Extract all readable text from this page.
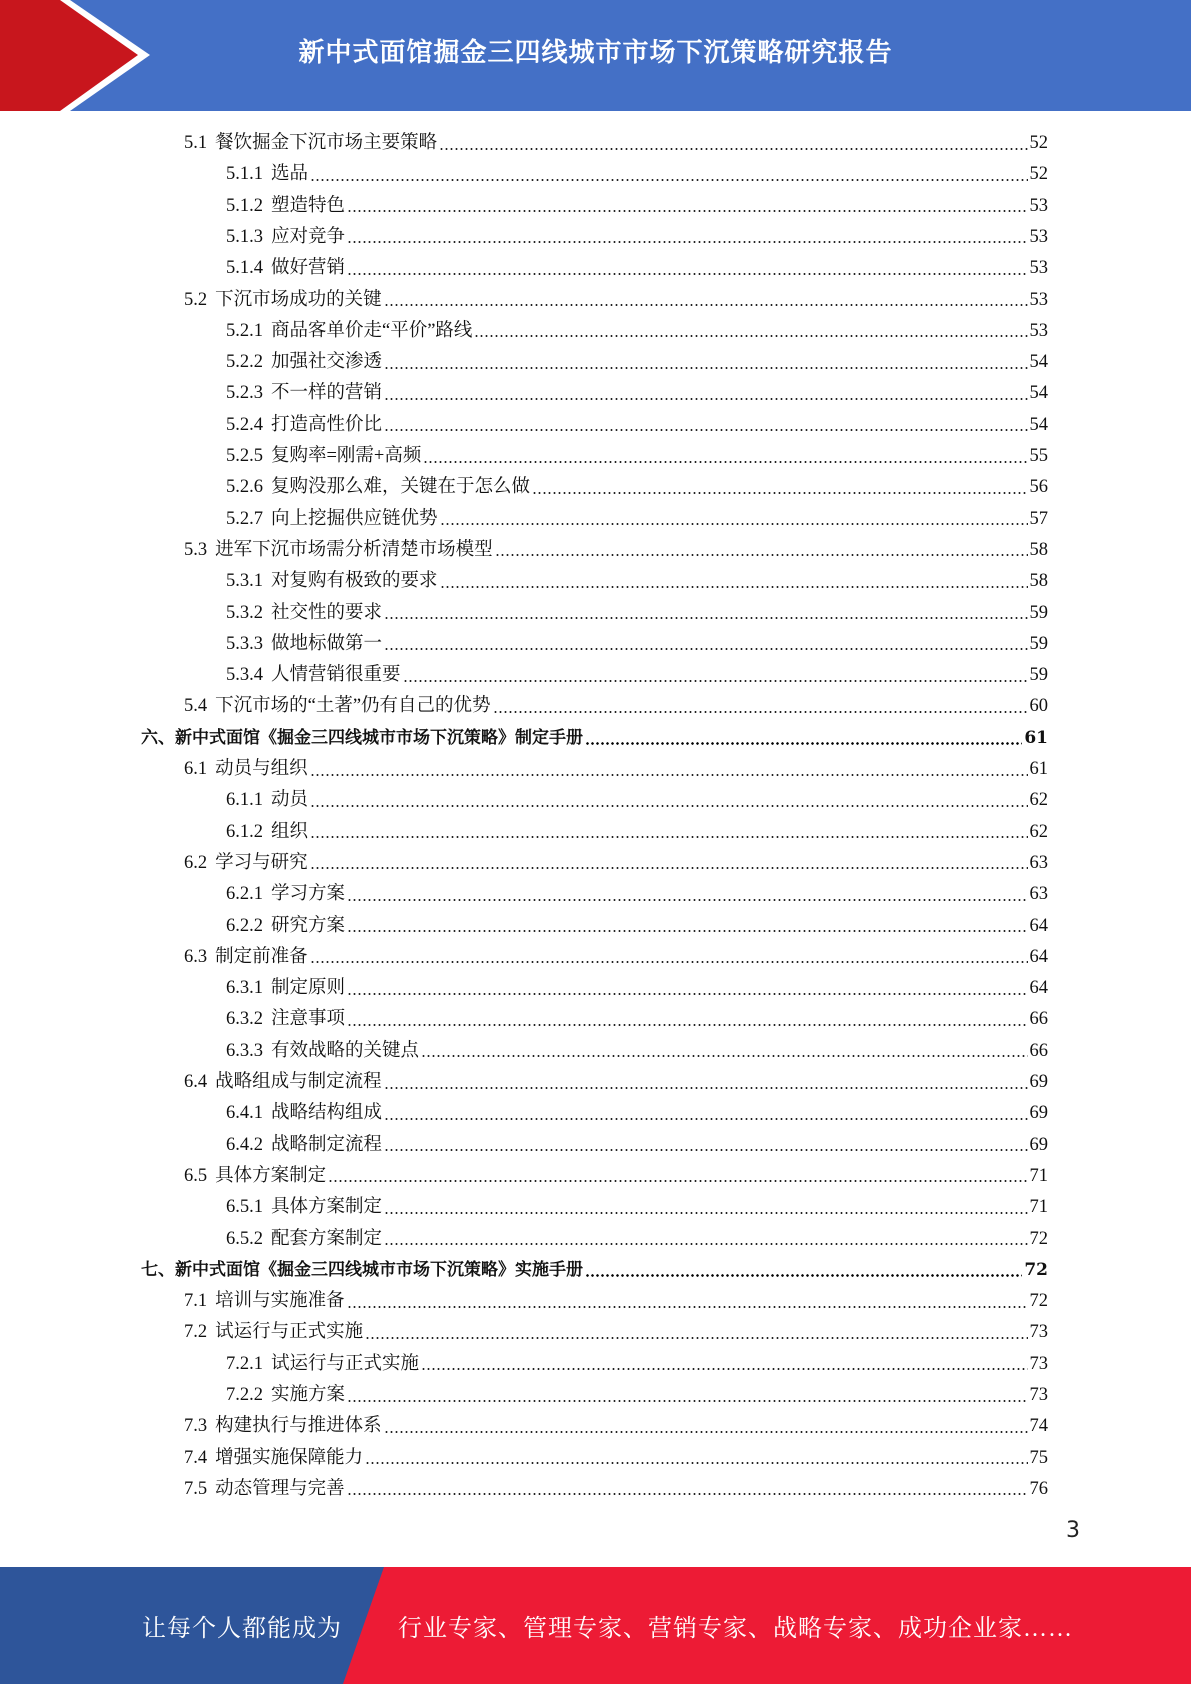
新中式面馆掘金三四线城市市场下沉策略研究报告
5.1 餐饮掘金下沉市场主要策略	52
5.1.1 选品	52
5.1.2 塑造特色	53
5.1.3 应对竞争	53
5.1.4 做好营销	53
5.2 下沉市场成功的关键	53
5.2.1 商品客单价走“平价”路线	53
5.2.2 加强社交渗透	54
5.2.3 不一样的营销	54
5.2.4 打造高性价比	54
5.2.5 复购率=刚需+高频	55
5.2.6 复购没那么难，关键在于怎么做	56
5.2.7 向上挖掘供应链优势	57
5.3 进军下沉市场需分析清楚市场模型	58
5.3.1 对复购有极致的要求	58
5.3.2 社交性的要求	59
5.3.3 做地标做第一	59
5.3.4 人情营销很重要	59
5.4 下沉市场的“土著”仍有自己的优势	60
六、新中式面馆《掘金三四线城市市场下沉策略》制定手册	61
6.1 动员与组织	61
6.1.1 动员	62
6.1.2 组织	62
6.2 学习与研究	63
6.2.1 学习方案	63
6.2.2 研究方案	64
6.3 制定前准备	64
6.3.1 制定原则	64
6.3.2 注意事项	66
6.3.3 有效战略的关键点	66
6.4 战略组成与制定流程	69
6.4.1 战略结构组成	69
6.4.2 战略制定流程	69
6.5 具体方案制定	71
6.5.1 具体方案制定	71
6.5.2 配套方案制定	72
七、新中式面馆《掘金三四线城市市场下沉策略》实施手册	72
7.1 培训与实施准备	72
7.2 试运行与正式实施	73
7.2.1 试运行与正式实施	73
7.2.2 实施方案	73
7.3 构建执行与推进体系	74
7.4 增强实施保障能力	75
7.5 动态管理与完善	76
3
让每个人都能成为 行业专家、管理专家、营销专家、战略专家、成功企业家……
